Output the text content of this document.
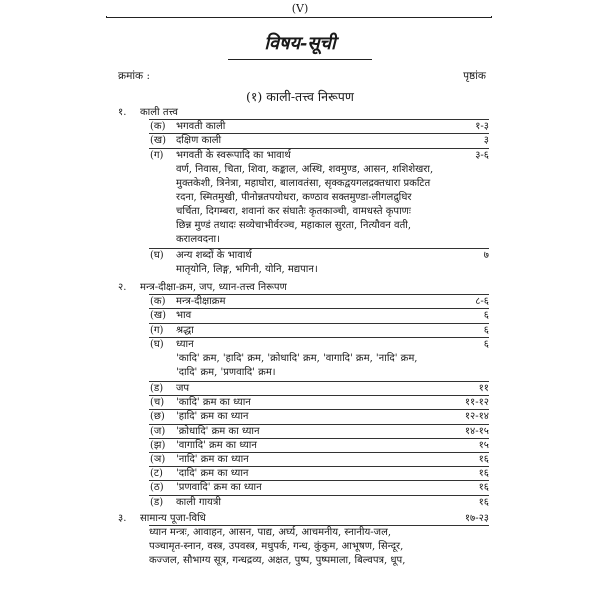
(V)
विषय-सूची
क्रमांक :	पृष्ठांक
(१) काली-तत्त्व निरूपण
१. काली तत्त्व
(क) भगवती काली	१-३
(ख) दक्षिण काली	३
(ग) भगवती के स्वरूपादि का भावार्थ	३-६
वर्ण, निवास, चिता, शिवा, कङ्काल, अस्थि, शवमुण्ड, आसन, शशिशेखरा,
मुक्तकेशी, त्रिनेत्रा, महाघोरा, बालावतंसा, सृक्कद्वयगलद्रक्तधारा प्रकटित
रदना, स्मितमुखी, पीनोन्नतपयोधरा, कण्ठाव सक्तमुण्डा-लीगलद्रुधिर
चर्चिता, दिगम्बरा, शवानां कर संघातैः कृतकाञ्ची, वामधस्ते कृपाणः
छिन्न मुण्डं तथादः सव्येचाभीर्वरञ्च, महाकाल सुरता, नित्यौवन वती,
करालवदना।
(घ) अन्य शब्दों के भावार्थ	७
मातृयोनि, लिङ्ग, भगिनी, योनि, मद्यपान।
२. मन्त्र-दीक्षा-क्रम, जप, ध्यान-तत्त्व निरूपण
(क) मन्त्र-दीक्षाक्रम	८-६
(ख) भाव	६
(ग) श्रद्धा	६
(घ) ध्यान	६
'कादि' क्रम, 'हादि' क्रम, 'क्रोधादि' क्रम, 'वागादि' क्रम, 'नादि' क्रम,
'दादि' क्रम, 'प्रणवादि' क्रम।
(ड) जप	११
(च) 'कादि' क्रम का ध्यान	११-१२
(छ) 'हादि' क्रम का ध्यान	१२-१४
(ज) 'क्रोधादि' क्रम का ध्यान	१४-१५
(झ) 'वागादि' क्रम का ध्यान	१५
(ञ) 'नादि' क्रम का ध्यान	१६
(ट) 'दादि' क्रम का ध्यान	१६
(ठ) 'प्रणवादि' क्रम का ध्यान	१६
(ड) काली गायत्री	१६
३. सामान्य पूजा-विधि	१७-२३
ध्यान मन्त्रः, आवाहन, आसन, पाद्य, अर्घ्य, आचमनीय, स्नानीय-जल,
पञ्चामृत-स्नान, वस्त्र, उपवस्त्र, मधुपर्क, गन्ध, कुंकुम, आभूषण, सिन्दूर,
कज्जल, सौभाग्य सूत्र, गन्धद्रव्य, अक्षत, पुष्प, पुष्पमाला, बिल्वपत्र, धूप,
